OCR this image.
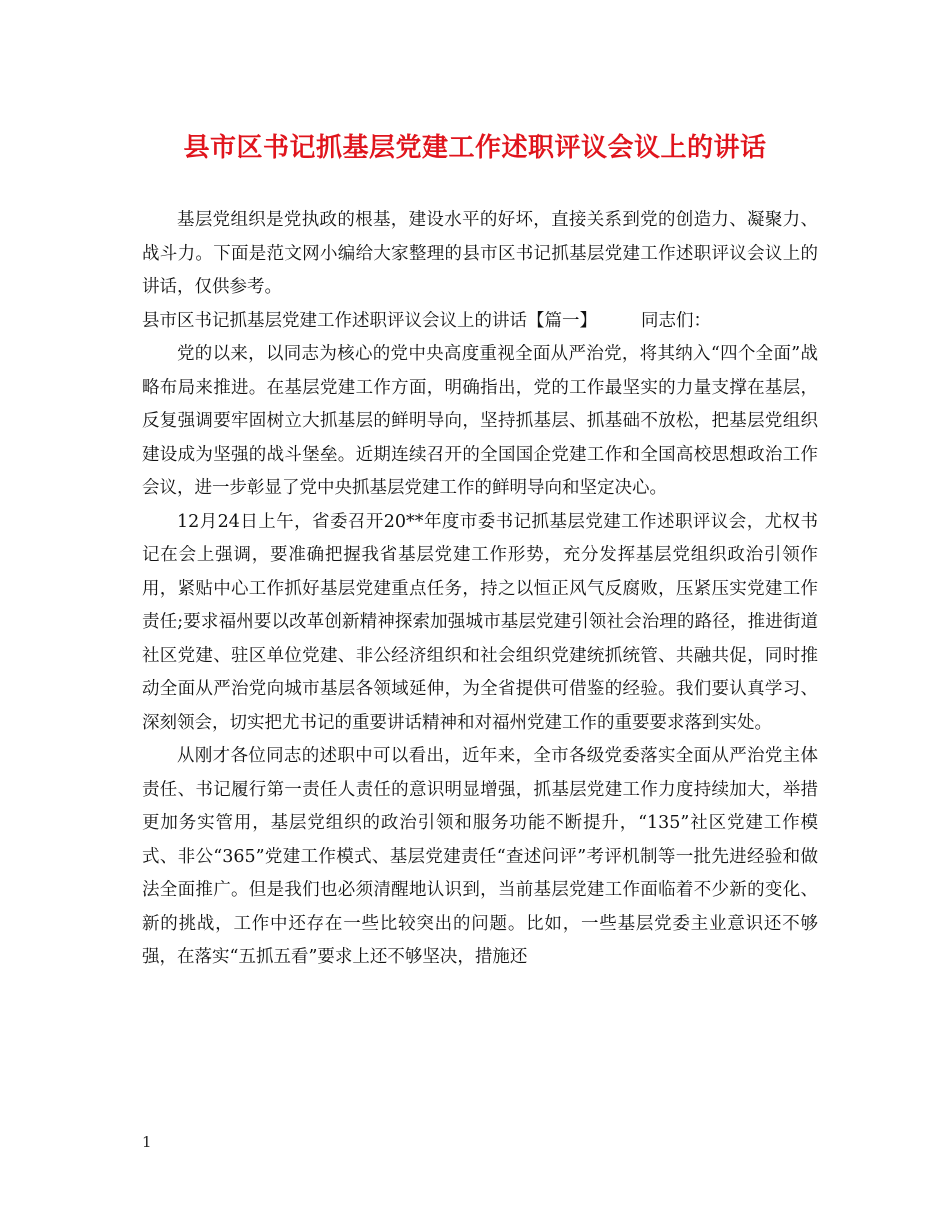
县市区书记抓基层党建工作述职评议会议上的讲话

基层党组织是党执政的根基，建设水平的好坏，直接关系到党的创造力、凝聚力、战斗力。下面是范文网小编给大家整理的县市区书记抓基层党建工作述职评议会议上的讲话，仅供参考。

县市区书记抓基层党建工作述职评议会议上的讲话【篇一】	同志们：

党的以来，以同志为核心的党中央高度重视全面从严治党，将其纳入“四个全面”战略布局来推进。在基层党建工作方面，明确指出，党的工作最坚实的力量支撑在基层，反复强调要牢固树立大抓基层的鲜明导向，坚持抓基层、抓基础不放松，把基层党组织建设成为坚强的战斗堡垒。近期连续召开的全国国企党建工作和全国高校思想政治工作会议，进一步彰显了党中央抓基层党建工作的鲜明导向和坚定决心。

12月24日上午，省委召开20**年度市委书记抓基层党建工作述职评议会，尤权书记在会上强调，要准确把握我省基层党建工作形势，充分发挥基层党组织政治引领作用，紧贴中心工作抓好基层党建重点任务，持之以恒正风气反腐败，压紧压实党建工作责任;要求福州要以改革创新精神探索加强城市基层党建引领社会治理的路径，推进街道社区党建、驻区单位党建、非公经济组织和社会组织党建统抓统管、共融共促，同时推动全面从严治党向城市基层各领域延伸，为全省提供可借鉴的经验。我们要认真学习、深刻领会，切实把尤书记的重要讲话精神和对福州党建工作的重要要求落到实处。

从刚才各位同志的述职中可以看出，近年来，全市各级党委落实全面从严治党主体责任、书记履行第一责任人责任的意识明显增强，抓基层党建工作力度持续加大，举措更加务实管用，基层党组织的政治引领和服务功能不断提升，“135”社区党建工作模式、非公“365”党建工作模式、基层党建责任“查述问评”考评机制等一批先进经验和做法全面推广。但是我们也必须清醒地认识到，当前基层党建工作面临着不少新的变化、新的挑战，工作中还存在一些比较突出的问题。比如，一些基层党委主业意识还不够强，在落实“五抓五看”要求上还不够坚决，措施还

1
